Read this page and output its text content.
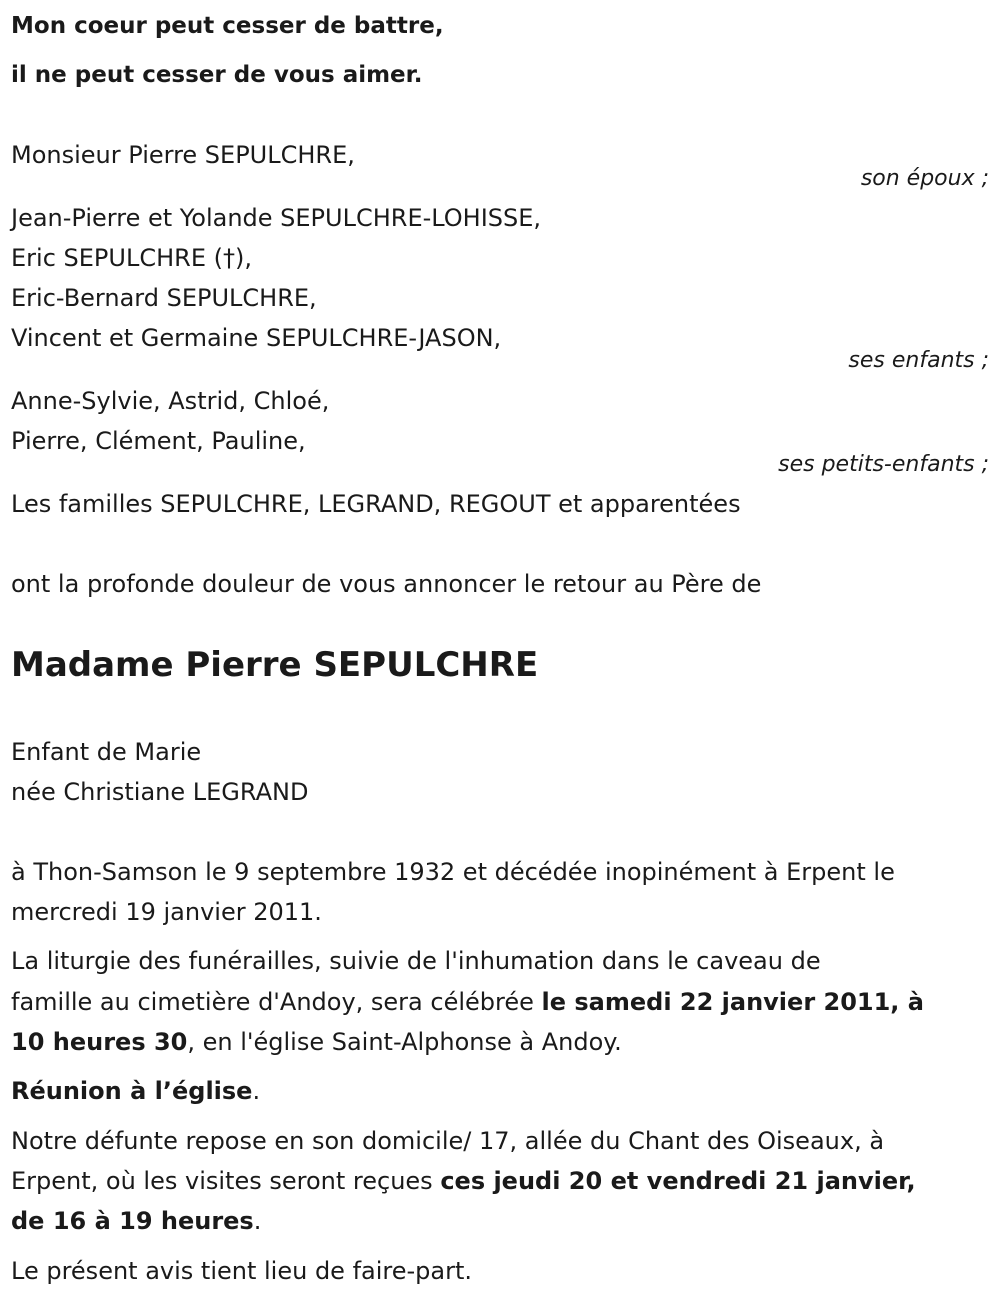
Mon coeur peut cesser de battre,
il ne peut cesser de vous aimer.
Monsieur Pierre SEPULCHRE,
son époux ;
Jean-Pierre et Yolande SEPULCHRE-LOHISSE,
Eric SEPULCHRE (†),
Eric-Bernard SEPULCHRE,
Vincent et Germaine SEPULCHRE-JASON,
ses enfants ;
Anne-Sylvie, Astrid, Chloé,
Pierre, Clément, Pauline,
ses petits-enfants ;
Les familles SEPULCHRE, LEGRAND, REGOUT et apparentées
ont la profonde douleur de vous annoncer le retour au Père de
Madame Pierre SEPULCHRE
Enfant de Marie
née Christiane LEGRAND
à Thon-Samson le 9 septembre 1932 et décédée inopinément à Erpent le
mercredi 19 janvier 2011.
La liturgie des funérailles, suivie de l'inhumation dans le caveau de
famille au cimetière d'Andoy, sera célébrée le samedi 22 janvier 2011, à
10 heures 30, en l'église Saint-Alphonse à Andoy.
Réunion à l’église.
Notre défunte repose en son domicile/ 17, allée du Chant des Oiseaux, à
Erpent, où les visites seront reçues ces jeudi 20 et vendredi 21 janvier,
de 16 à 19 heures.
Le présent avis tient lieu de faire-part.
